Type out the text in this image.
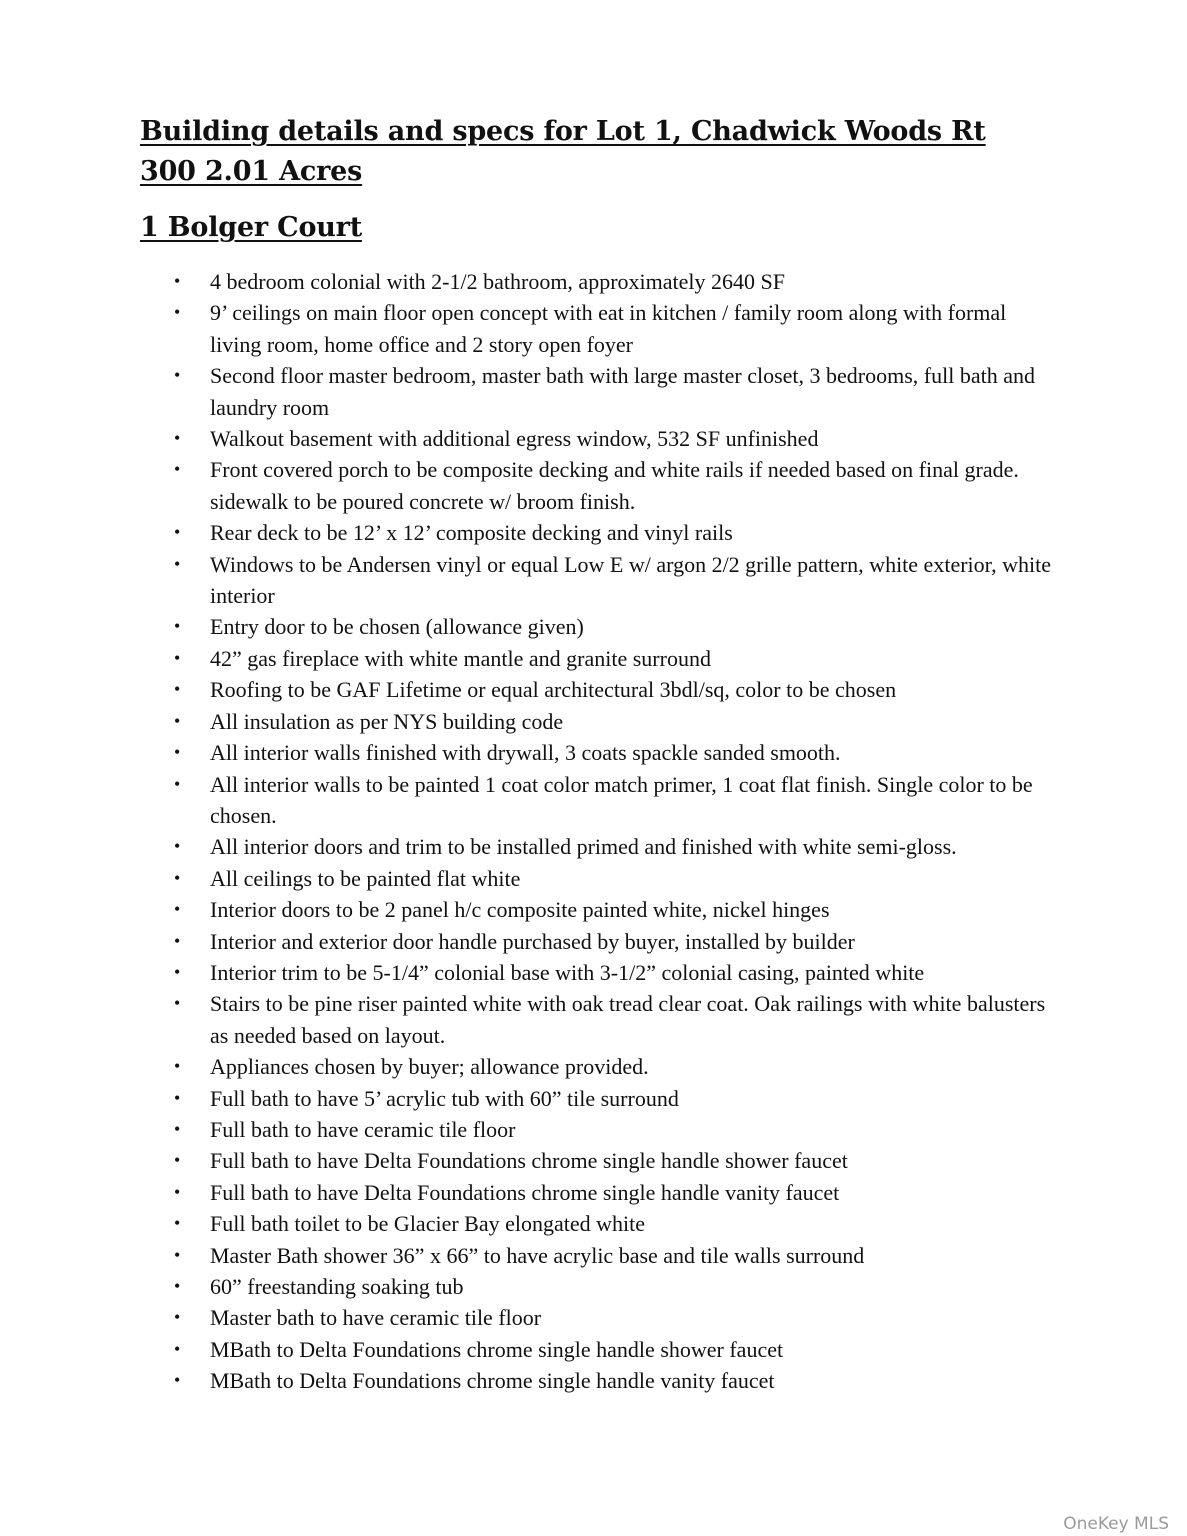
Building details and specs for Lot 1, Chadwick Woods Rt 300 2.01 Acres
1 Bolger Court
• 4 bedroom colonial with 2-1/2 bathroom, approximately 2640 SF
• 9’ ceilings on main floor open concept with eat in kitchen / family room along with formal living room, home office and 2 story open foyer
• Second floor master bedroom, master bath with large master closet, 3 bedrooms, full bath and laundry room
• Walkout basement with additional egress window, 532 SF unfinished
• Front covered porch to be composite decking and white rails if needed based on final grade. sidewalk to be poured concrete w/ broom finish.
• Rear deck to be 12’ x 12’ composite decking and vinyl rails
• Windows to be Andersen vinyl or equal Low E w/ argon 2/2 grille pattern, white exterior, white interior
• Entry door to be chosen (allowance given)
• 42” gas fireplace with white mantle and granite surround
• Roofing to be GAF Lifetime or equal architectural 3bdl/sq, color to be chosen
• All insulation as per NYS building code
• All interior walls finished with drywall, 3 coats spackle sanded smooth.
• All interior walls to be painted 1 coat color match primer, 1 coat flat finish. Single color to be chosen.
• All interior doors and trim to be installed primed and finished with white semi-gloss.
• All ceilings to be painted flat white
• Interior doors to be 2 panel h/c composite painted white, nickel hinges
• Interior and exterior door handle purchased by buyer, installed by builder
• Interior trim to be 5-1/4” colonial base with 3-1/2” colonial casing, painted white
• Stairs to be pine riser painted white with oak tread clear coat. Oak railings with white balusters as needed based on layout.
• Appliances chosen by buyer; allowance provided.
• Full bath to have 5’ acrylic tub with 60” tile surround
• Full bath to have ceramic tile floor
• Full bath to have Delta Foundations chrome single handle shower faucet
• Full bath to have Delta Foundations chrome single handle vanity faucet
• Full bath toilet to be Glacier Bay elongated white
• Master Bath shower 36” x 66” to have acrylic base and tile walls surround
• 60” freestanding soaking tub
• Master bath to have ceramic tile floor
• MBath to Delta Foundations chrome single handle shower faucet
• MBath to Delta Foundations chrome single handle vanity faucet
OneKey MLS
